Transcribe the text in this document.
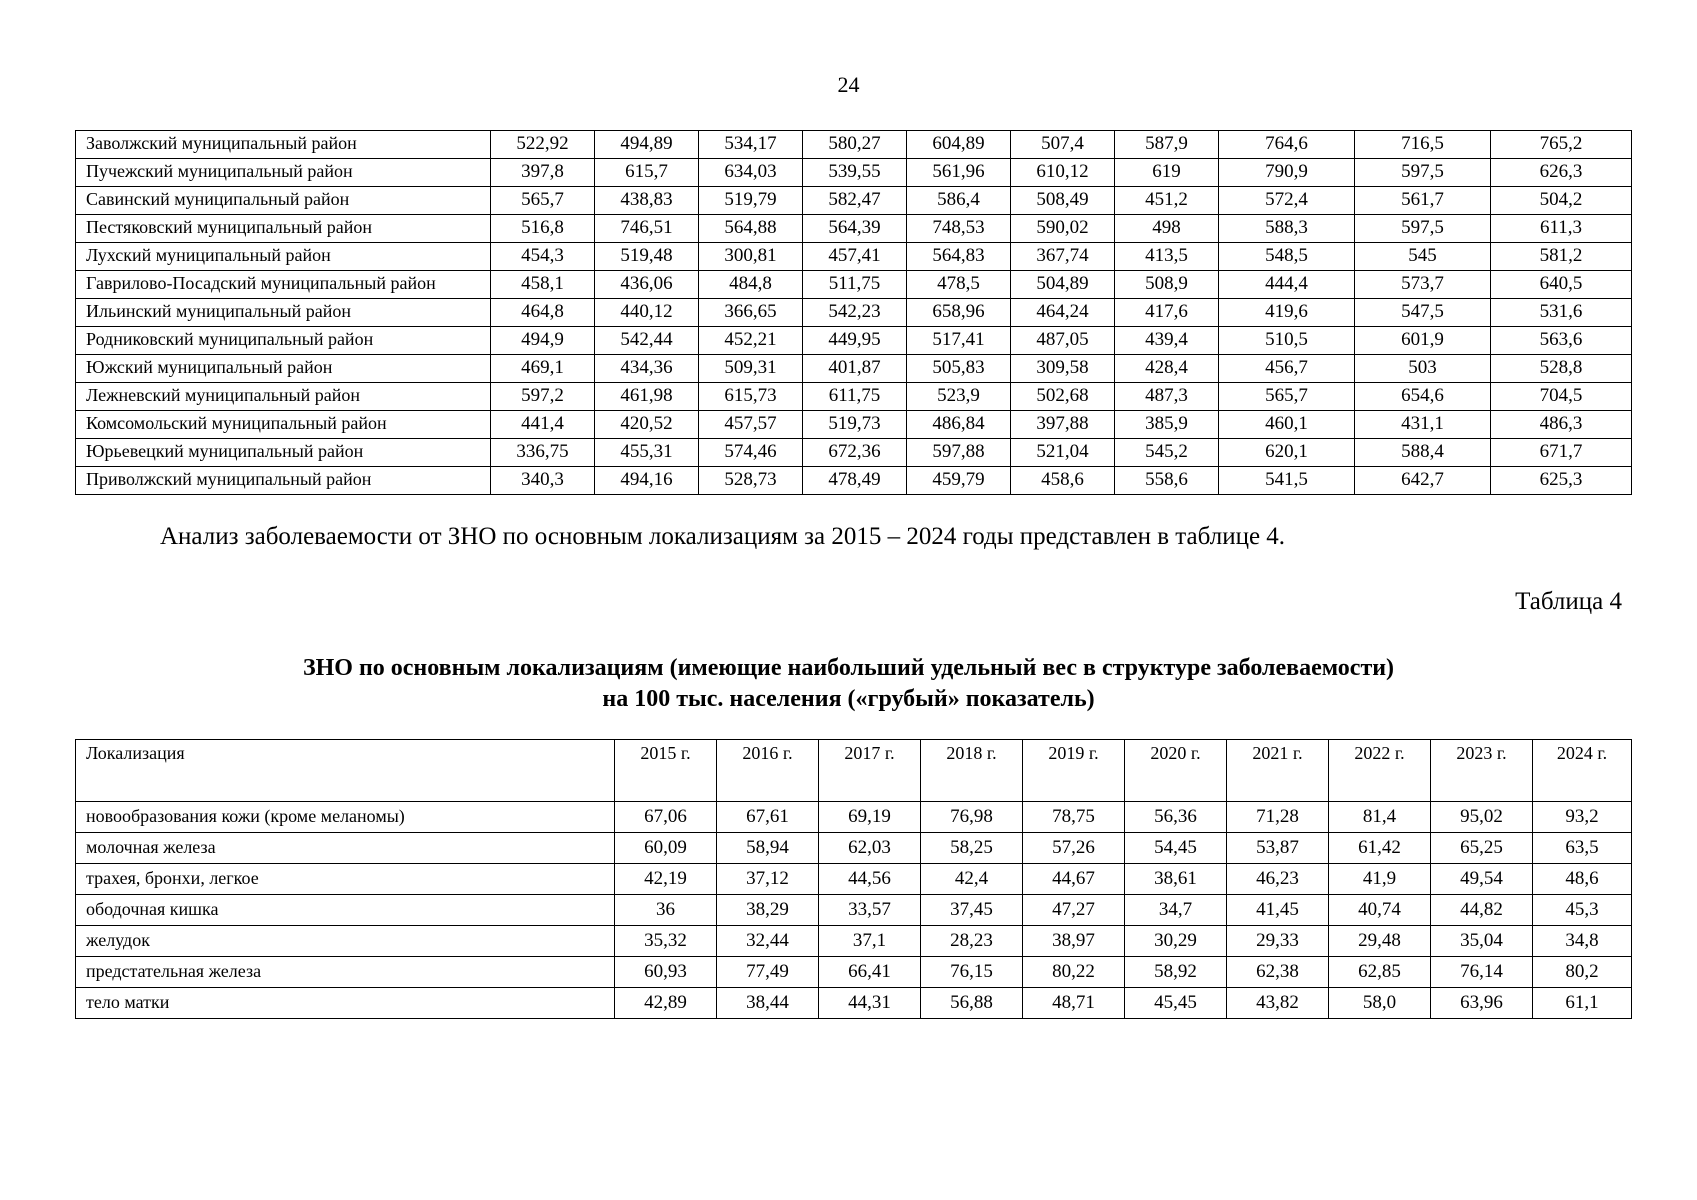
24
Заволжский муниципальный район	522,92	494,89	534,17	580,27	604,89	507,4	587,9	764,6	716,5	765,2
Пучежский муниципальный район	397,8	615,7	634,03	539,55	561,96	610,12	619	790,9	597,5	626,3
Савинский муниципальный район	565,7	438,83	519,79	582,47	586,4	508,49	451,2	572,4	561,7	504,2
Пестяковский муниципальный район	516,8	746,51	564,88	564,39	748,53	590,02	498	588,3	597,5	611,3
Лухский муниципальный район	454,3	519,48	300,81	457,41	564,83	367,74	413,5	548,5	545	581,2
Гаврилово-Посадский муниципальный район	458,1	436,06	484,8	511,75	478,5	504,89	508,9	444,4	573,7	640,5
Ильинский муниципальный район	464,8	440,12	366,65	542,23	658,96	464,24	417,6	419,6	547,5	531,6
Родниковский муниципальный район	494,9	542,44	452,21	449,95	517,41	487,05	439,4	510,5	601,9	563,6
Южский муниципальный район	469,1	434,36	509,31	401,87	505,83	309,58	428,4	456,7	503	528,8
Лежневский муниципальный район	597,2	461,98	615,73	611,75	523,9	502,68	487,3	565,7	654,6	704,5
Комсомольский муниципальный район	441,4	420,52	457,57	519,73	486,84	397,88	385,9	460,1	431,1	486,3
Юрьевецкий муниципальный район	336,75	455,31	574,46	672,36	597,88	521,04	545,2	620,1	588,4	671,7
Приволжский муниципальный район	340,3	494,16	528,73	478,49	459,79	458,6	558,6	541,5	642,7	625,3
Анализ заболеваемости от ЗНО по основным локализациям за 2015 – 2024 годы представлен в таблице 4.
Таблица 4
ЗНО по основным локализациям (имеющие наибольший удельный вес в структуре заболеваемости)
на 100 тыс. населения («грубый» показатель)
Локализация	2015 г.	2016 г.	2017 г.	2018 г.	2019 г.	2020 г.	2021 г.	2022 г.	2023 г.	2024 г.
новообразования кожи (кроме меланомы)	67,06	67,61	69,19	76,98	78,75	56,36	71,28	81,4	95,02	93,2
молочная железа	60,09	58,94	62,03	58,25	57,26	54,45	53,87	61,42	65,25	63,5
трахея, бронхи, легкое	42,19	37,12	44,56	42,4	44,67	38,61	46,23	41,9	49,54	48,6
ободочная кишка	36	38,29	33,57	37,45	47,27	34,7	41,45	40,74	44,82	45,3
желудок	35,32	32,44	37,1	28,23	38,97	30,29	29,33	29,48	35,04	34,8
предстательная железа	60,93	77,49	66,41	76,15	80,22	58,92	62,38	62,85	76,14	80,2
тело матки	42,89	38,44	44,31	56,88	48,71	45,45	43,82	58,0	63,96	61,1
